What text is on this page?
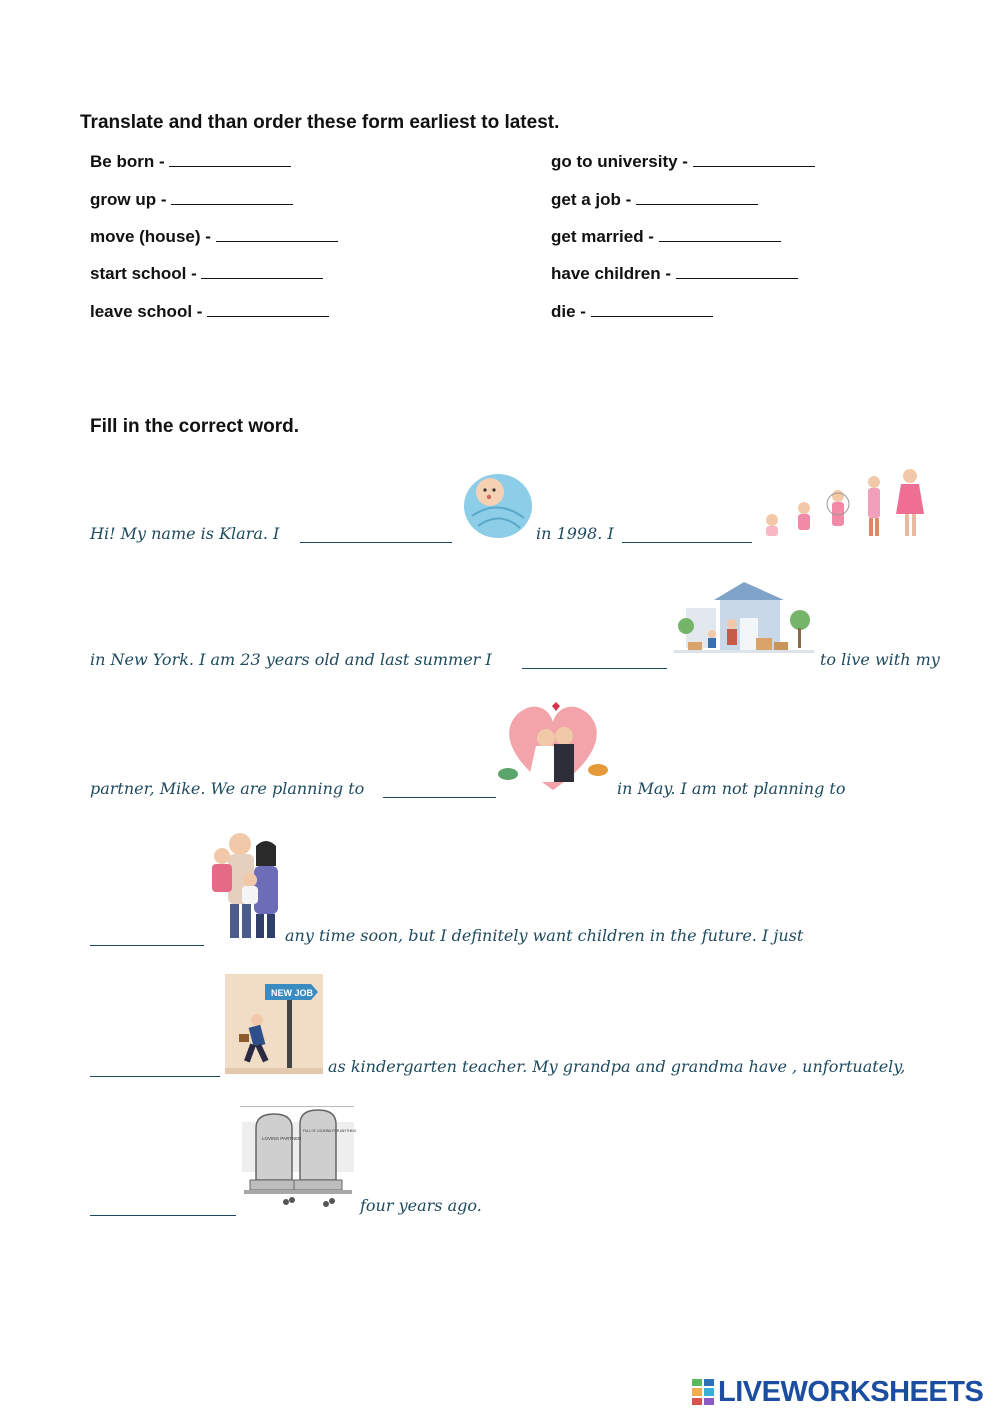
Translate and than order these form earliest to latest.
Be born -
grow up -
move (house) -
start school -
leave school -
go to university -
get a job -
get married -
have children -
die -
Fill in the correct word.
Hi! My name is Klara. I	in 1998. I
in New York. I am 23 years old and last summer I	to live with my
partner, Mike. We are planning to	in May. I am not planning to
any time soon, but I definitely want children in the future. I just
NEW JOB
as kindergarten teacher. My grandpa and grandma have , unfortuately,
LOVING PARTNER
FULL OF LOOKING FOR ANYTHING
four years ago.
LIVEWORKSHEETS
